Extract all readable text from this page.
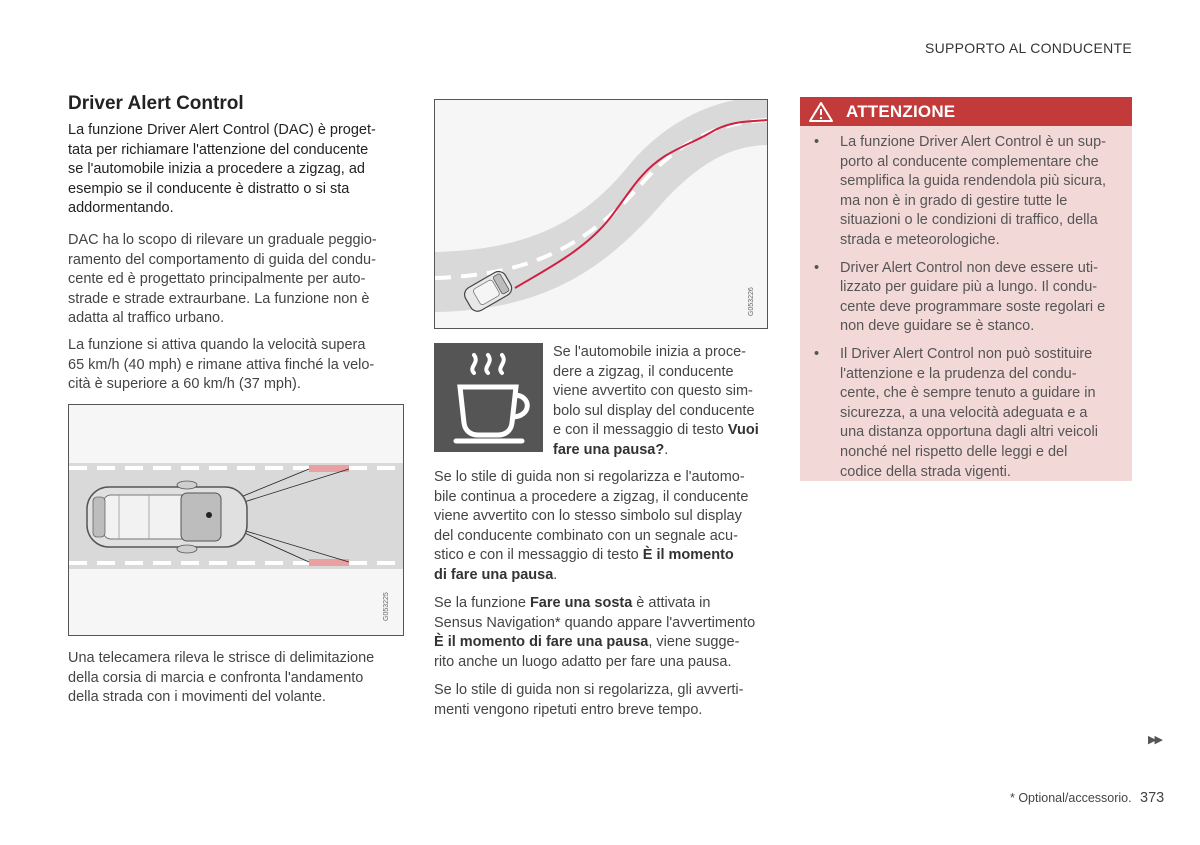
SUPPORTO AL CONDUCENTE
Driver Alert Control

La funzione Driver Alert Control (DAC) è proget-
tata per richiamare l'attenzione del conducente
se l'automobile inizia a procedere a zigzag, ad
esempio se il conducente è distratto o si sta
addormentando.

DAC ha lo scopo di rilevare un graduale peggio-
ramento del comportamento di guida del condu-
cente ed è progettato principalmente per auto-
strade e strade extraurbane. La funzione non è
adatta al traffico urbano.

La funzione si attiva quando la velocità supera
65 km/h (40 mph) e rimane attiva finché la velo-
cità è superiore a 60 km/h (37 mph).

G053225

Una telecamera rileva le strisce di delimitazione
della corsia di marcia e confronta l'andamento
della strada con i movimenti del volante.

G053226

Se l'automobile inizia a proce-
dere a zigzag, il conducente
viene avvertito con questo sim-
bolo sul display del conducente
e con il messaggio di testo Vuoi fare una pausa?.

Se lo stile di guida non si regolarizza e l'automo-
bile continua a procedere a zigzag, il conducente
viene avvertito con lo stesso simbolo sul display
del conducente combinato con un segnale acu-
stico e con il messaggio di testo È il momento
di fare una pausa.

Se la funzione Fare una sosta è attivata in
Sensus Navigation* quando appare l'avvertimento
È il momento di fare una pausa, viene sugge-
rito anche un luogo adatto per fare una pausa.

Se lo stile di guida non si regolarizza, gli avverti-
menti vengono ripetuti entro breve tempo.

ATTENZIONE
• La funzione Driver Alert Control è un sup-
porto al conducente complementare che
semplifica la guida rendendola più sicura,
ma non è in grado di gestire tutte le
situazioni o le condizioni di traffico, della
strada e meteorologiche.
• Driver Alert Control non deve essere uti-
lizzato per guidare più a lungo. Il condu-
cente deve programmare soste regolari e
non deve guidare se è stanco.
• Il Driver Alert Control non può sostituire
l'attenzione e la prudenza del condu-
cente, che è sempre tenuto a guidare in
sicurezza, a una velocità adeguata e a
una distanza opportuna dagli altri veicoli
nonché nel rispetto delle leggi e del
codice della strada vigenti.
▶▶
* Optional/accessorio. 373
